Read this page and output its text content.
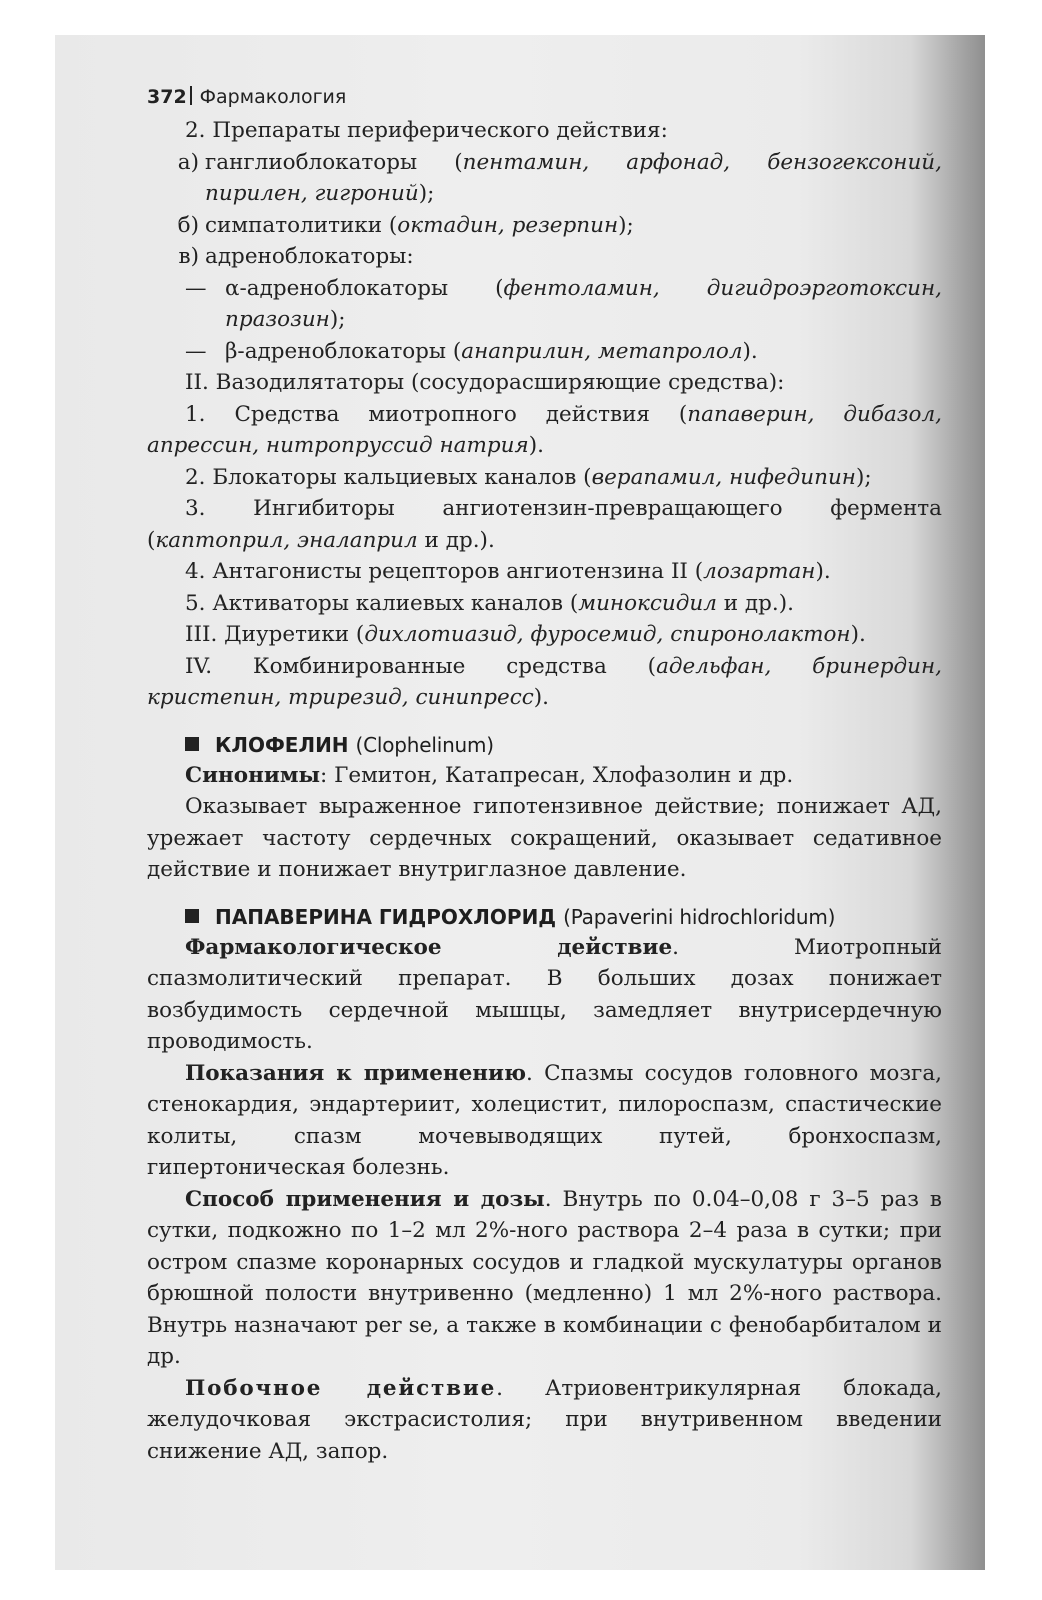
372 Фармакология

2. Препараты периферического действия:

а) ганглиоблокаторы (пентамин, арфонад, бензогексоний, пирилен, гигроний);
б) симпатолитики (октадин, резерпин);
в) адреноблокаторы:
— α-адреноблокаторы (фентоламин, дигидроэрготоксин, празозин);
— β-адреноблокаторы (анаприлин, метапролол).

II. Вазодилятаторы (сосудорасширяющие средства):

1. Средства миотропного действия (папаверин, дибазол, апрессин, нитропруссид натрия).

2. Блокаторы кальциевых каналов (верапамил, нифедипин);

3. Ингибиторы ангиотензин-превращающего фермента (каптоприл, эналаприл и др.).

4. Антагонисты рецепторов ангиотензина II (лозартан).

5. Активаторы калиевых каналов (миноксидил и др.).

III. Диуретики (дихлотиазид, фуросемид, спиронолактон).

IV. Комбинированные средства (адельфан, бринердин, кристепин, трирезид, синипресс).

КЛОФЕЛИН (Clophelinum)

Синонимы: Гемитон, Катапресан, Хлофазолин и др.

Оказывает выраженное гипотензивное действие; понижает АД, урежает частоту сердечных сокращений, оказывает седативное действие и понижает внутриглазное давление.

ПАПАВЕРИНА ГИДРОХЛОРИД (Papaverini hidrochloridum)

Фармакологическое действие. Миотропный спазмолитический препарат. В больших дозах понижает возбудимость сердечной мышцы, замедляет внутрисердечную проводимость.

Показания к применению. Спазмы сосудов головного мозга, стенокардия, эндартериит, холецистит, пилороспазм, спастические колиты, спазм мочевыводящих путей, бронхоспазм, гипертоническая болезнь.

Способ применения и дозы. Внутрь по 0.04–0,08 г 3–5 раз в сутки, подкожно по 1–2 мл 2%-ного раствора 2–4 раза в сутки; при остром спазме коронарных сосудов и гладкой мускулатуры органов брюшной полости внутривенно (медленно) 1 мл 2%-ного раствора. Внутрь назначают per se, а также в комбинации с фенобарбиталом и др.

Побочное действие. Атриовентрикулярная блокада, желудочковая экстрасистолия; при внутривенном введении снижение АД, запор.
